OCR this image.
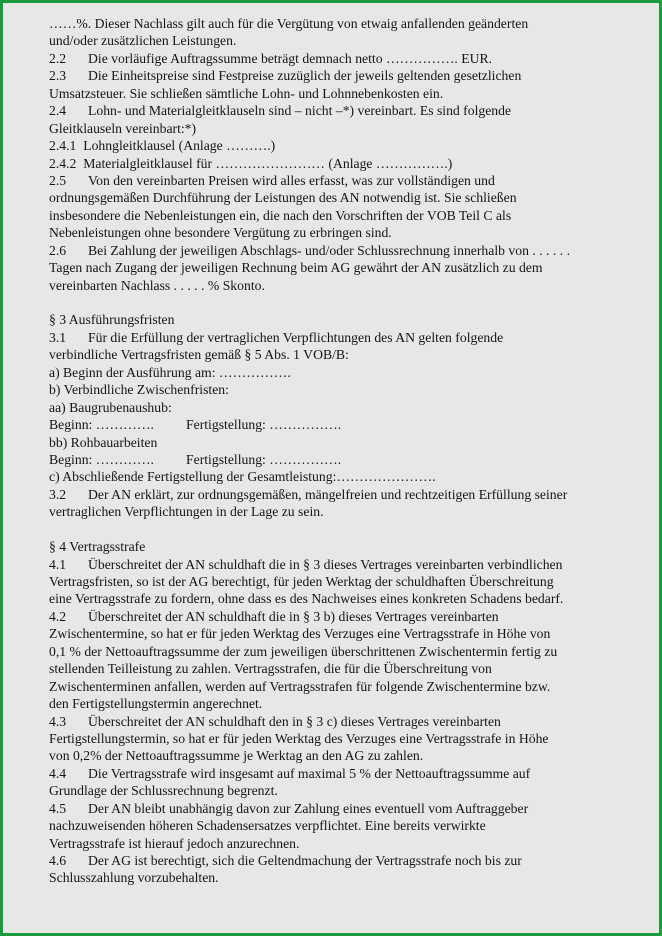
……%. Dieser Nachlass gilt auch für die Vergütung von etwaig anfallenden geänderten
und/oder zusätzlichen Leistungen.
2.2 Die vorläufige Auftragssumme beträgt demnach netto ……………. EUR.
2.3 Die Einheitspreise sind Festpreise zuzüglich der jeweils geltenden gesetzlichen
Umsatzsteuer. Sie schließen sämtliche Lohn- und Lohnnebenkosten ein.
2.4 Lohn- und Materialgleitklauseln sind – nicht –*) vereinbart. Es sind folgende
Gleitklauseln vereinbart:*)
2.4.1  Lohngleitklausel (Anlage ……….)
2.4.2  Materialgleitklausel für …………………… (Anlage …………….)
2.5 Von den vereinbarten Preisen wird alles erfasst, was zur vollständigen und
ordnungsgemäßen Durchführung der Leistungen des AN notwendig ist. Sie schließen
insbesondere die Nebenleistungen ein, die nach den Vorschriften der VOB Teil C als
Nebenleistungen ohne besondere Vergütung zu erbringen sind.
2.6 Bei Zahlung der jeweiligen Abschlags- und/oder Schlussrechnung innerhalb von . . . . . .
Tagen nach Zugang der jeweiligen Rechnung beim AG gewährt der AN zusätzlich zu dem
vereinbarten Nachlass . . . . . % Skonto.
§ 3 Ausführungsfristen
3.1 Für die Erfüllung der vertraglichen Verpflichtungen des AN gelten folgende
verbindliche Vertragsfristen gemäß § 5 Abs. 1 VOB/B:
a) Beginn der Ausführung am: …………….
b) Verbindliche Zwischenfristen:
aa) Baugrubenaushub:
Beginn: …………. Fertigstellung: …………….
bb) Rohbauarbeiten
Beginn: …………. Fertigstellung: …………….
c) Abschließende Fertigstellung der Gesamtleistung:………………….
3.2 Der AN erklärt, zur ordnungsgemäßen, mängelfreien und rechtzeitigen Erfüllung seiner
vertraglichen Verpflichtungen in der Lage zu sein.
§ 4 Vertragsstrafe
4.1 Überschreitet der AN schuldhaft die in § 3 dieses Vertrages vereinbarten verbindlichen
Vertragsfristen, so ist der AG berechtigt, für jeden Werktag der schuldhaften Überschreitung
eine Vertragsstrafe zu fordern, ohne dass es des Nachweises eines konkreten Schadens bedarf.
4.2 Überschreitet der AN schuldhaft die in § 3 b) dieses Vertrages vereinbarten
Zwischentermine, so hat er für jeden Werktag des Verzuges eine Vertragsstrafe in Höhe von
0,1 % der Nettoauftragssumme der zum jeweiligen überschrittenen Zwischentermin fertig zu
stellenden Teilleistung zu zahlen. Vertragsstrafen, die für die Überschreitung von
Zwischenterminen anfallen, werden auf Vertragsstrafen für folgende Zwischentermine bzw.
den Fertigstellungstermin angerechnet.
4.3 Überschreitet der AN schuldhaft den in § 3 c) dieses Vertrages vereinbarten
Fertigstellungstermin, so hat er für jeden Werktag des Verzuges eine Vertragsstrafe in Höhe
von 0,2% der Nettoauftragssumme je Werktag an den AG zu zahlen.
4.4 Die Vertragsstrafe wird insgesamt auf maximal 5 % der Nettoauftragssumme auf
Grundlage der Schlussrechnung begrenzt.
4.5 Der AN bleibt unabhängig davon zur Zahlung eines eventuell vom Auftraggeber
nachzuweisenden höheren Schadensersatzes verpflichtet. Eine bereits verwirkte
Vertragsstrafe ist hierauf jedoch anzurechnen.
4.6 Der AG ist berechtigt, sich die Geltendmachung der Vertragsstrafe noch bis zur
Schlusszahlung vorzubehalten.
